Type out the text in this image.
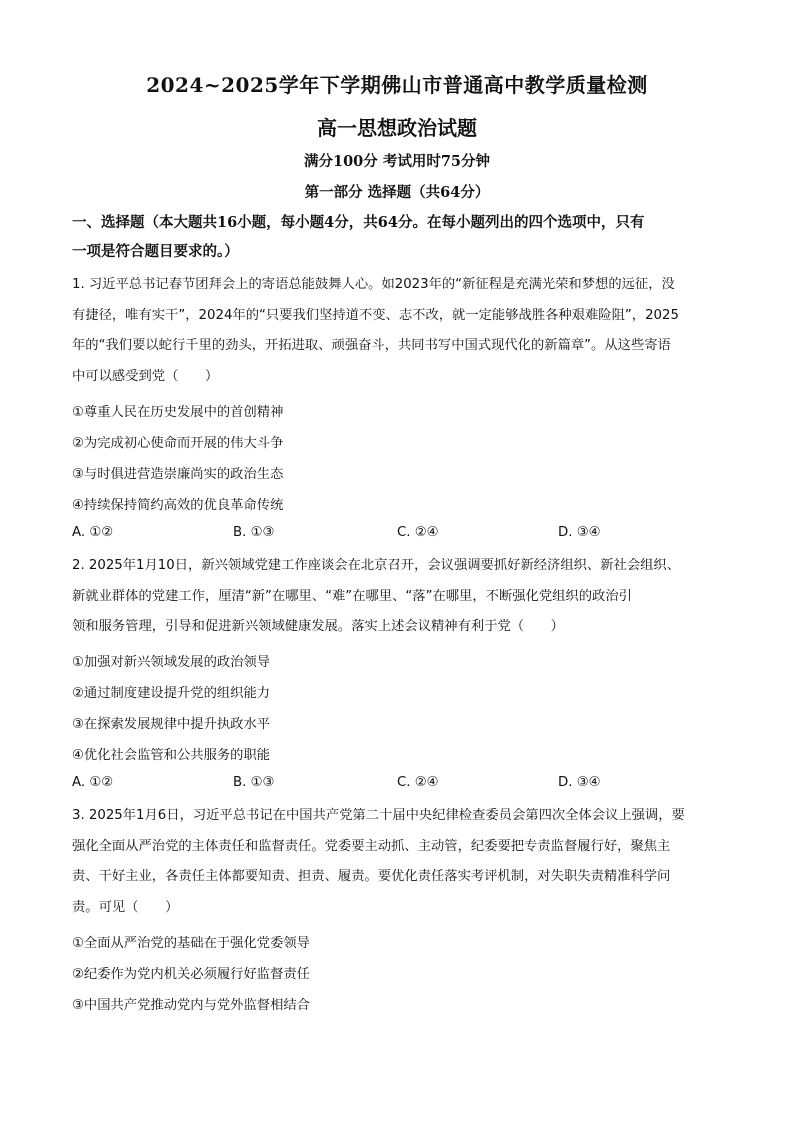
2024~2025学年下学期佛山市普通高中教学质量检测
高一思想政治试题
满分100分 考试用时75分钟
第一部分 选择题（共64分）
一、选择题（本大题共16小题，每小题4分，共64分。在每小题列出的四个选项中，只有
一项是符合题目要求的。）
1. 习近平总书记春节团拜会上的寄语总能鼓舞人心。如2023年的“新征程是充满光荣和梦想的远征，没
有捷径，唯有实干”，2024年的“只要我们坚持道不变、志不改，就一定能够战胜各种艰难险阻”，2025
年的“我们要以蛇行千里的劲头，开拓进取、顽强奋斗，共同书写中国式现代化的新篇章”。从这些寄语
中可以感受到党（　　）
①尊重人民在历史发展中的首创精神
②为完成初心使命而开展的伟大斗争
③与时俱进营造崇廉尚实的政治生态
④持续保持简约高效的优良革命传统
A. ①②	B. ①③	C. ②④	D. ③④
2. 2025年1月10日，新兴领域党建工作座谈会在北京召开，会议强调要抓好新经济组织、新社会组织、
新就业群体的党建工作，厘清“新”在哪里、“难”在哪里、“落”在哪里，不断强化党组织的政治引
领和服务管理，引导和促进新兴领域健康发展。落实上述会议精神有利于党（　　）
①加强对新兴领域发展的政治领导
②通过制度建设提升党的组织能力
③在探索发展规律中提升执政水平
④优化社会监管和公共服务的职能
A. ①②	B. ①③	C. ②④	D. ③④
3. 2025年1月6日，习近平总书记在中国共产党第二十届中央纪律检查委员会第四次全体会议上强调，要
强化全面从严治党的主体责任和监督责任。党委要主动抓、主动管，纪委要把专责监督履行好，聚焦主
责、干好主业，各责任主体都要知责、担责、履责。要优化责任落实考评机制，对失职失责精准科学问
责。可见（　　）
①全面从严治党的基础在于强化党委领导
②纪委作为党内机关必须履行好监督责任
③中国共产党推动党内与党外监督相结合
